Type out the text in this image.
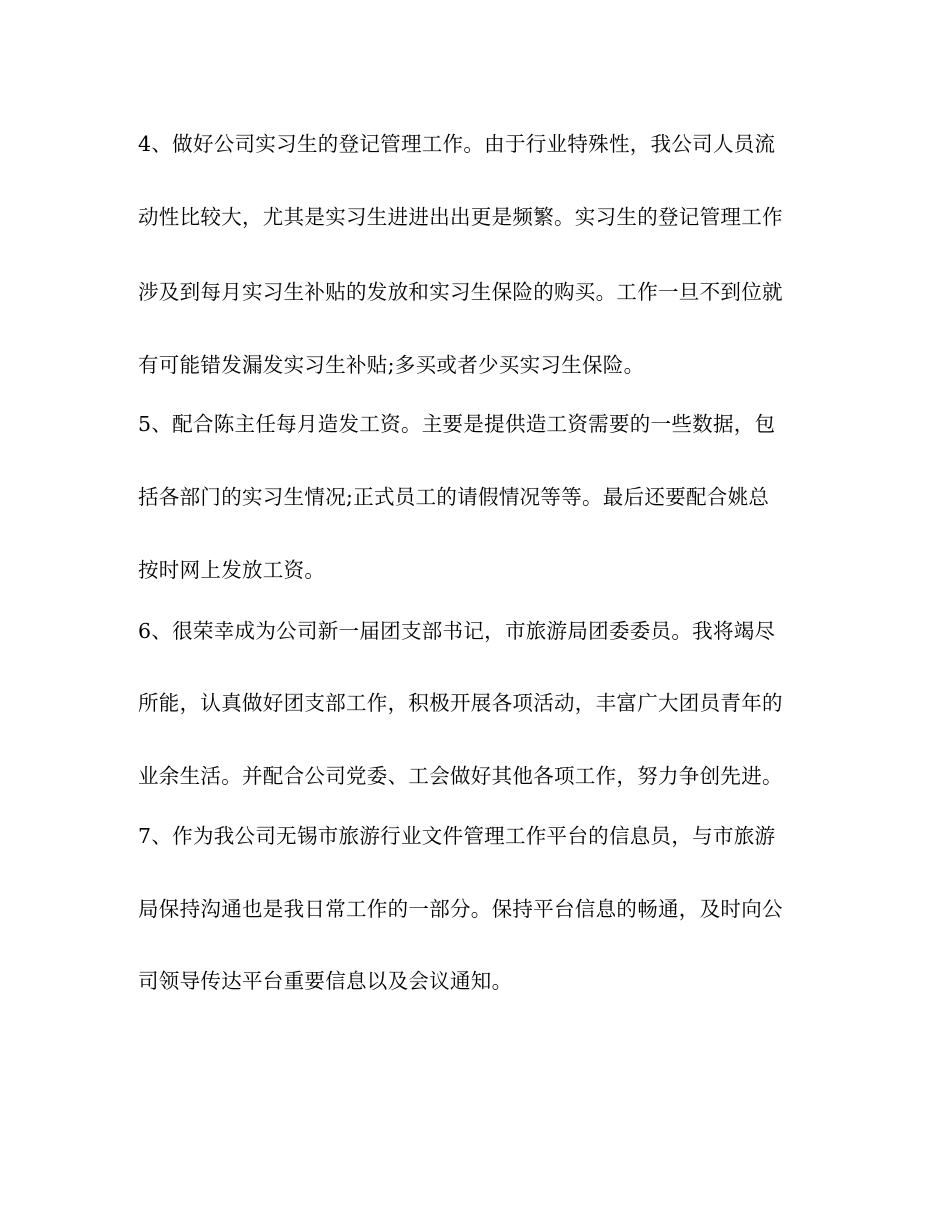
4、做好公司实习生的登记管理工作。由于行业特殊性，我公司人员流
动性比较大，尤其是实习生进进出出更是频繁。实习生的登记管理工作
涉及到每月实习生补贴的发放和实习生保险的购买。工作一旦不到位就
有可能错发漏发实习生补贴;多买或者少买实习生保险。
5、配合陈主任每月造发工资。主要是提供造工资需要的一些数据，包
括各部门的实习生情况;正式员工的请假情况等等。最后还要配合姚总
按时网上发放工资。
6、很荣幸成为公司新一届团支部书记，市旅游局团委委员。我将竭尽
所能，认真做好团支部工作，积极开展各项活动，丰富广大团员青年的
业余生活。并配合公司党委、工会做好其他各项工作，努力争创先进。
7、作为我公司无锡市旅游行业文件管理工作平台的信息员，与市旅游
局保持沟通也是我日常工作的一部分。保持平台信息的畅通，及时向公
司领导传达平台重要信息以及会议通知。
